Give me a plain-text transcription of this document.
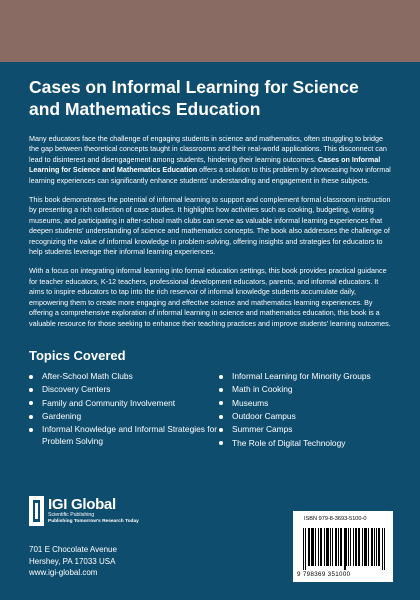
Cases on Informal Learning for Science and Mathematics Education

Many educators face the challenge of engaging students in science and mathematics, often struggling to bridge the gap between theoretical concepts taught in classrooms and their real-world applications. This disconnect can lead to disinterest and disengagement among students, hindering their learning outcomes. Cases on Informal Learning for Science and Mathematics Education offers a solution to this problem by showcasing how informal learning experiences can significantly enhance students' understanding and engagement in these subjects.

This book demonstrates the potential of informal learning to support and complement formal classroom instruction by presenting a rich collection of case studies. It highlights how activities such as cooking, budgeting, visiting museums, and participating in after-school math clubs can serve as valuable informal learning experiences that deepen students' understanding of science and mathematics concepts. The book also addresses the challenge of recognizing the value of informal knowledge in problem-solving, offering insights and strategies for educators to help students leverage their informal learning experiences.

With a focus on integrating informal learning into formal education settings, this book provides practical guidance for teacher educators, K-12 teachers, professional development educators, parents, and informal educators. It aims to inspire educators to tap into the rich reservoir of informal knowledge students accumulate daily, empowering them to create more engaging and effective science and mathematics learning experiences. By offering a comprehensive exploration of informal learning in science and mathematics education, this book is a valuable resource for those seeking to enhance their teaching practices and improve students' learning outcomes.

Topics Covered
After-School Math Clubs
Discovery Centers
Family and Community Involvement
Gardening
Informal Knowledge and Informal Strategies for Problem Solving
Informal Learning for Minority Groups
Math in Cooking
Museums
Outdoor Campus
Summer Camps
The Role of Digital Technology
IGI Global
Scientific Publishing
Publishing Tomorrow's Research Today
701 E Chocolate Avenue
Hershey, PA 17033 USA
www.igi-global.com
ISBN 979-8-3693-5100-0
9 798369 351000
